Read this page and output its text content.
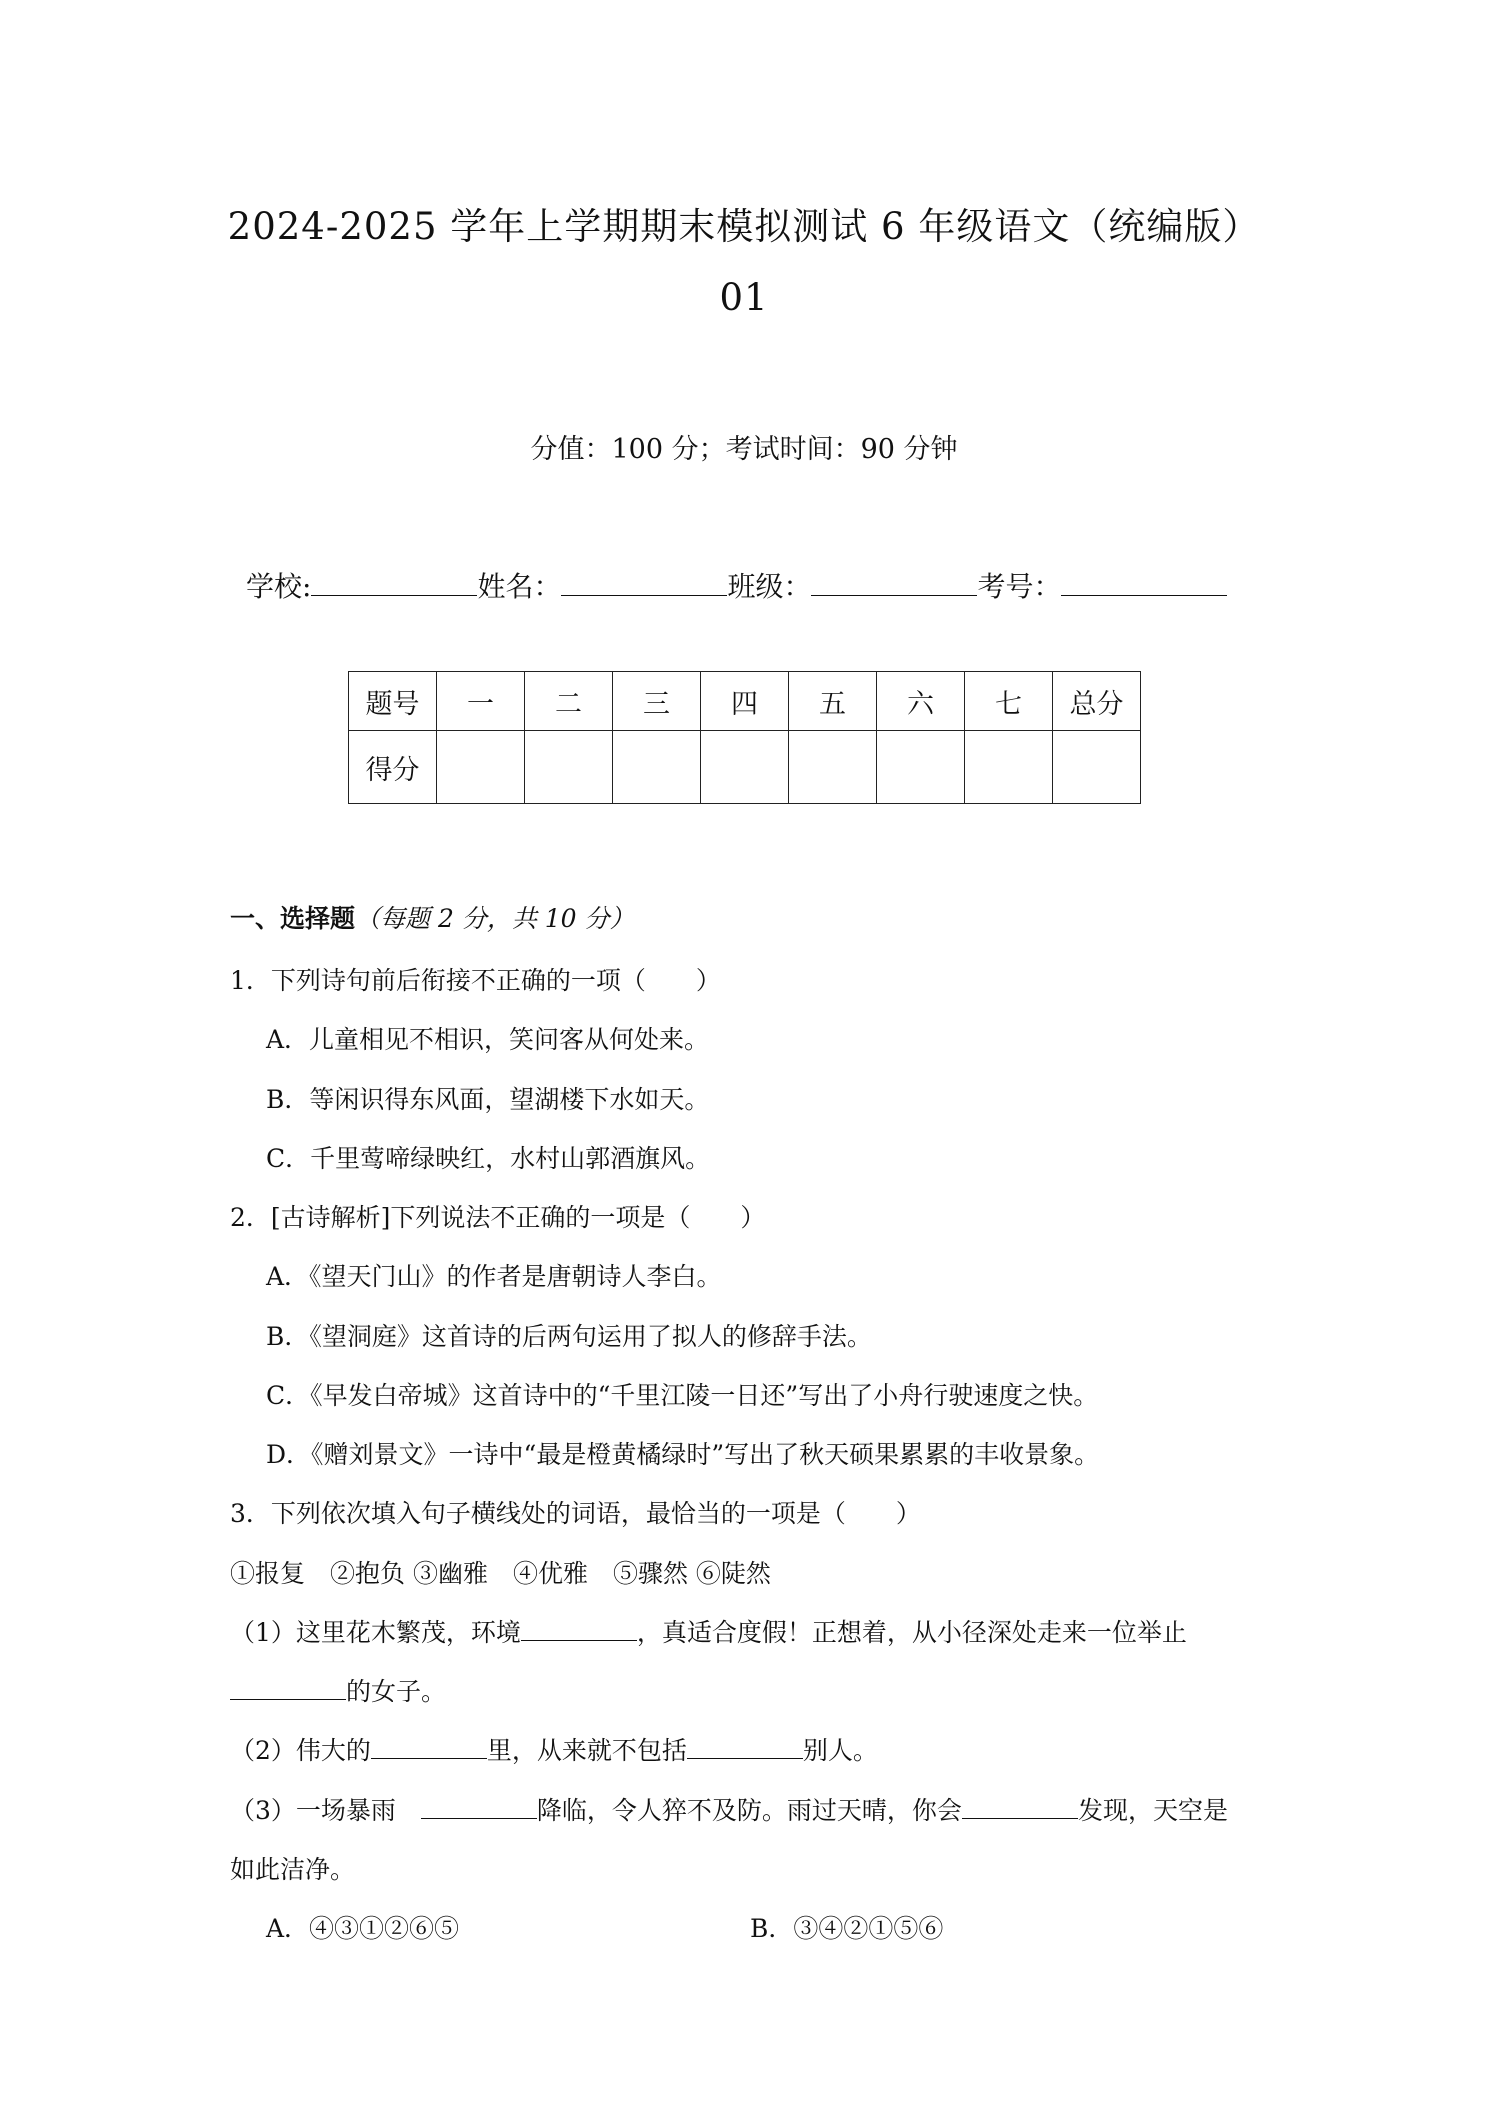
2024-2025 学年上学期期末模拟测试 6 年级语文（统编版）
01
分值：100 分；考试时间：90 分钟
学校:	姓名：	班级：	考号：
题号	一	二	三	四	五	六	七	总分
得分								
一、选择题（每题 2 分，共 10 分）
1．下列诗句前后衔接不正确的一项（　　）
A．儿童相见不相识，笑问客从何处来。
B．等闲识得东风面，望湖楼下水如天。
C．千里莺啼绿映红，水村山郭酒旗风。
2．[古诗解析]下列说法不正确的一项是（　　）
A．《望天门山》的作者是唐朝诗人李白。
B．《望洞庭》这首诗的后两句运用了拟人的修辞手法。
C．《早发白帝城》这首诗中的“千里江陵一日还”写出了小舟行驶速度之快。
D．《赠刘景文》一诗中“最是橙黄橘绿时”写出了秋天硕果累累的丰收景象。
3．下列依次填入句子横线处的词语，最恰当的一项是（　　）
①报复　②抱负 ③幽雅　④优雅　⑤骤然 ⑥陡然
（1）这里花木繁茂，环境	，真适合度假！正想着，从小径深处走来一位举止
的女子。
（2）伟大的	里，从来就不包括	别人。
（3）一场暴雨　	降临，令人猝不及防。雨过天晴，你会	发现，天空是
如此洁净。
A．④③①②⑥⑤	B．③④②①⑤⑥
